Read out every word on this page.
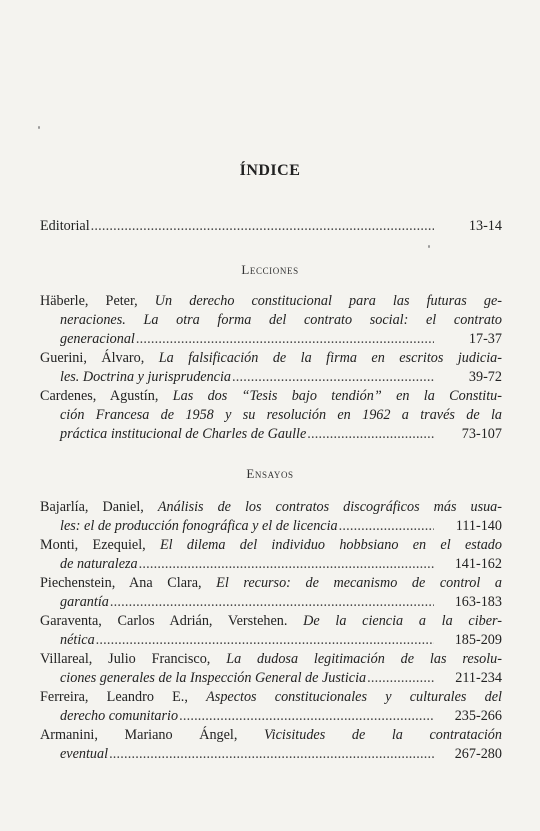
ÍNDICE
Editorial .....	13-14
Lecciones
Häberle, Peter, Un derecho constitucional para las futuras ge-
neraciones. La otra forma del contrato social: el contrato
generacional .....	17-37
Guerini, Álvaro, La falsificación de la firma en escritos judicia-
les. Doctrina y jurisprudencia .....	39-72
Cardenes, Agustín, Las dos “Tesis bajo tendión” en la Constitu-
ción Francesa de 1958 y su resolución en 1962 a través de la
práctica institucional de Charles de Gaulle .....	73-107
Ensayos
Bajarlía, Daniel, Análisis de los contratos discográficos más usua-
les: el de producción fonográfica y el de licencia .....	111-140
Monti, Ezequiel, El dilema del individuo hobbsiano en el estado
de naturaleza .....	141-162
Piechenstein, Ana Clara, El recurso: de mecanismo de control a
garantía .....	163-183
Garaventa, Carlos Adrián, Verstehen. De la ciencia a la ciber-
nética .....	185-209
Villareal, Julio Francisco, La dudosa legitimación de las resolu-
ciones generales de la Inspección General de Justicia .....	211-234
Ferreira, Leandro E., Aspectos constitucionales y culturales del
derecho comunitario .....	235-266
Armanini, Mariano Ángel, Vicisitudes de la contratación
eventual .....	267-280
